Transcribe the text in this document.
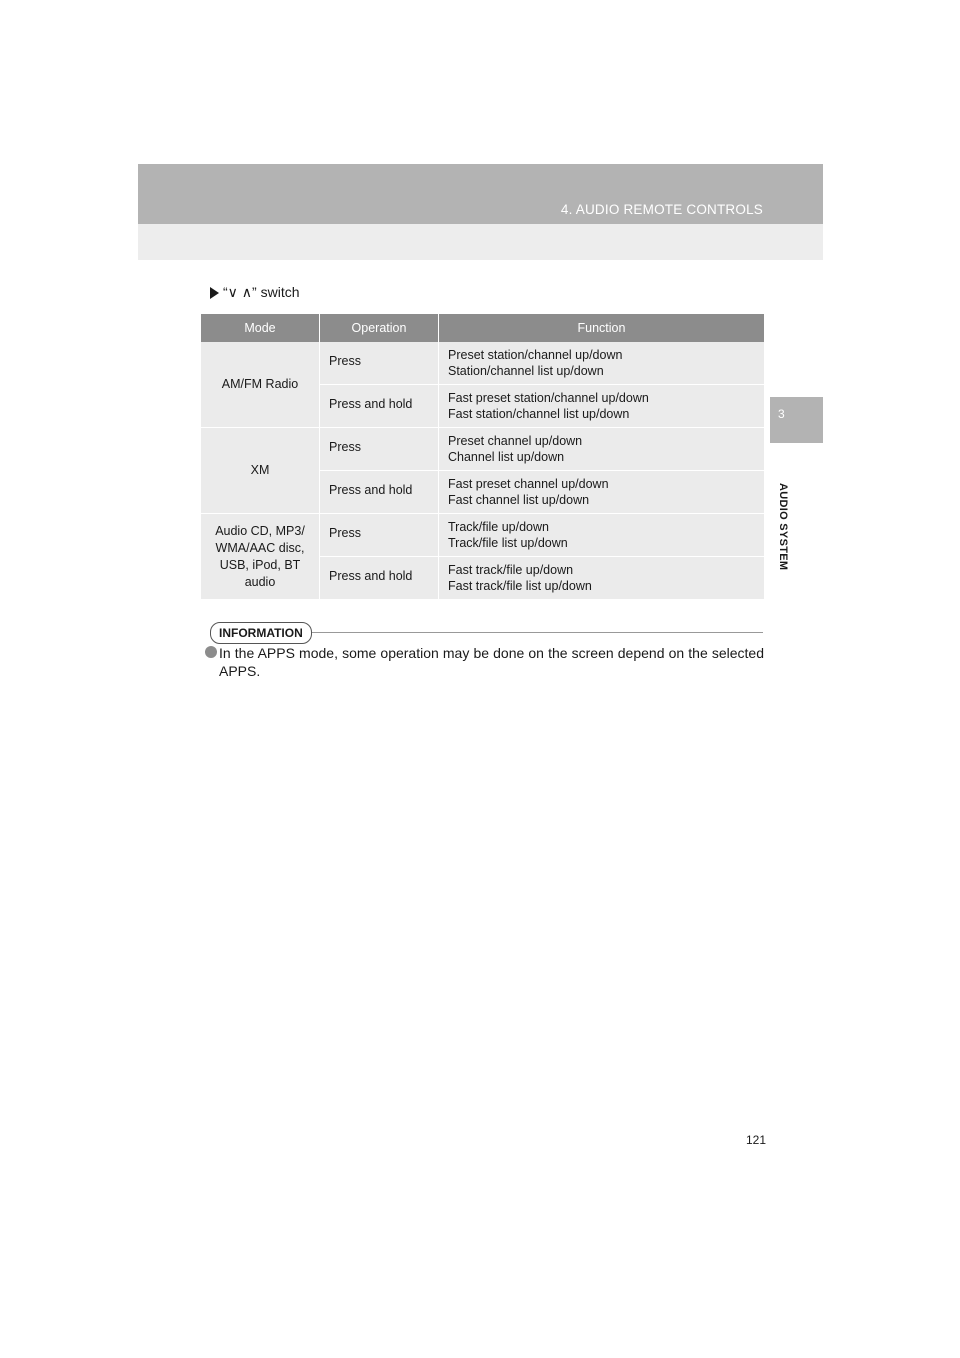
4. AUDIO REMOTE CONTROLS
3
AUDIO SYSTEM
“∨ ∧” switch
Mode	Operation	Function
AM/FM Radio	Press	Preset station/channel up/down
Station/channel list up/down

	Press and hold	Fast preset station/channel up/down
Fast station/channel list up/down

XM	Press	Preset channel up/down
Channel list up/down

	Press and hold	Fast preset channel up/down
Fast channel list up/down

Audio CD, MP3/ WMA/AAC disc, USB, iPod, BT audio	Press	Track/file up/down
Track/file list up/down

	Press and hold	Fast track/file up/down
Fast track/file list up/down
INFORMATION
In the APPS mode, some operation may be done on the screen depend on the selected APPS.
121
